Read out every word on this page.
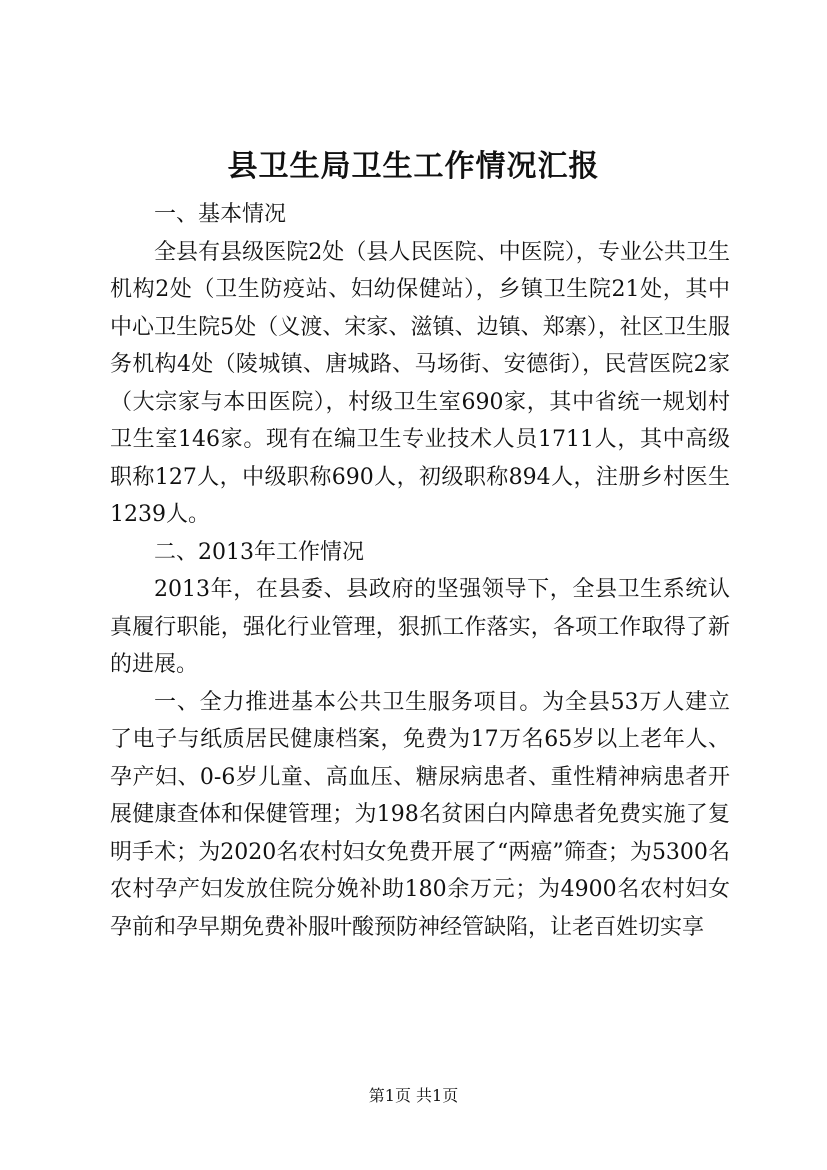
县卫生局卫生工作情况汇报

一、基本情况

全县有县级医院2处（县人民医院、中医院），专业公共卫生机构2处（卫生防疫站、妇幼保健站），乡镇卫生院21处，其中中心卫生院5处（义渡、宋家、滋镇、边镇、郑寨），社区卫生服务机构4处（陵城镇、唐城路、马场街、安德街），民营医院2家（大宗家与本田医院），村级卫生室690家，其中省统一规划村卫生室146家。现有在编卫生专业技术人员1711人，其中高级职称127人，中级职称690人，初级职称894人，注册乡村医生1239人。

二、2013年工作情况

2013年，在县委、县政府的坚强领导下，全县卫生系统认真履行职能，强化行业管理，狠抓工作落实，各项工作取得了新的进展。

一、全力推进基本公共卫生服务项目。为全县53万人建立了电子与纸质居民健康档案，免费为17万名65岁以上老年人、孕产妇、0-6岁儿童、高血压、糖尿病患者、重性精神病患者开展健康查体和保健管理；为198名贫困白内障患者免费实施了复明手术；为2020名农村妇女免费开展了“两癌”筛查；为5300名农村孕产妇发放住院分娩补助180余万元；为4900名农村妇女孕前和孕早期免费补服叶酸预防神经管缺陷，让老百姓切实享

第1页 共1页
